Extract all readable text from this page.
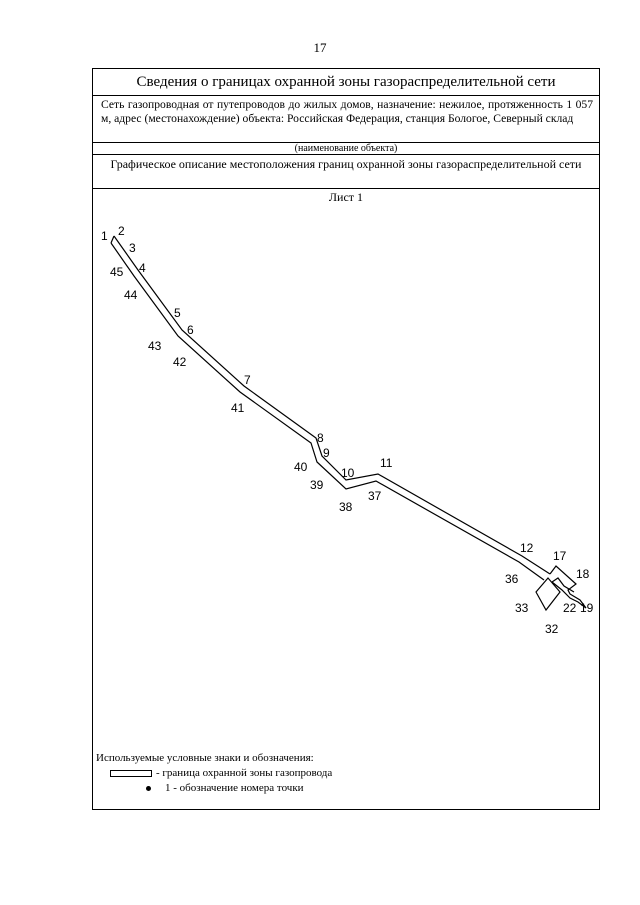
17
Сведения о границах охранной зоны газораспределительной сети
Сеть газопроводная от путепроводов до жилых домов, назначение: нежилое, протяженность 1 057 м, адрес (местонахождение) объекта: Российская Федерация, станция Бологое, Северный склад
(наименование объекта)
Графическое описание местоположения границ охранной зоны газораспределительной сети
Лист 1
1 2
3
45 4
44
5
6
43
42
7
41
8
9
40	10
11
39
37
38
12
17
18
36
33	22 19
32
Используемые условные знаки и обозначения:
- граница охранной зоны газопровода
1 - обозначение номера точки
